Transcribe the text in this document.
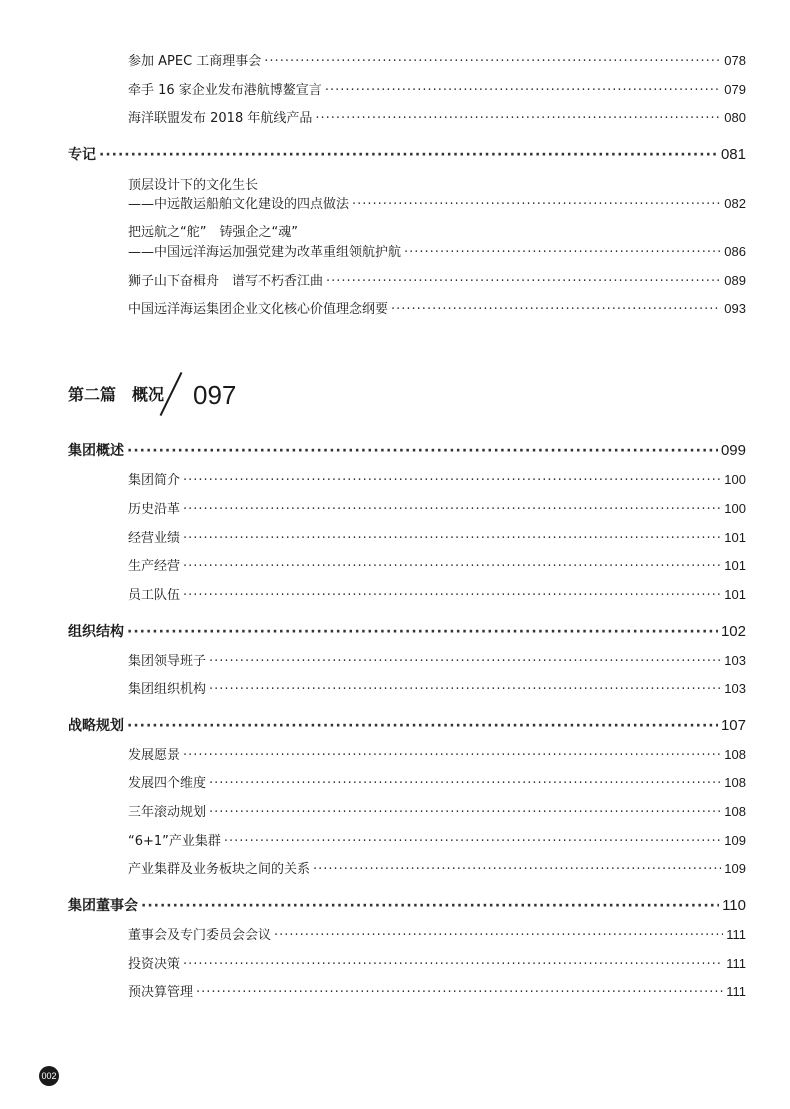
参加 APEC 工商理事会 ·····	078
牵手 16 家企业发布港航博鳌宣言 ·····	079
海洋联盟发布 2018 年航线产品 ·····	080
专记 ·····	081
顶层设计下的文化生长
——中远散运船舶文化建设的四点做法 ·····	082
把远航之“舵”　铸强企之“魂”
——中国远洋海运加强党建为改革重组领航护航 ·····	086
狮子山下奋楫舟　谱写不朽香江曲 ·····	089
中国远洋海运集团企业文化核心价值理念纲要 ·····	093
第二篇　概况 097
集团概述 ·····	099
集团简介 ·····	100
历史沿革 ·····	100
经营业绩 ·····	101
生产经营 ·····	101
员工队伍 ·····	101
组织结构 ·····	102
集团领导班子 ·····	103
集团组织机构 ·····	103
战略规划 ·····	107
发展愿景 ·····	108
发展四个维度 ·····	108
三年滚动规划 ·····	108
“6+1”产业集群 ·····	109
产业集群及业务板块之间的关系 ·····	109
集团董事会 ·····	110
董事会及专门委员会会议 ·····	111
投资决策 ·····	111
预决算管理 ·····	111
002
